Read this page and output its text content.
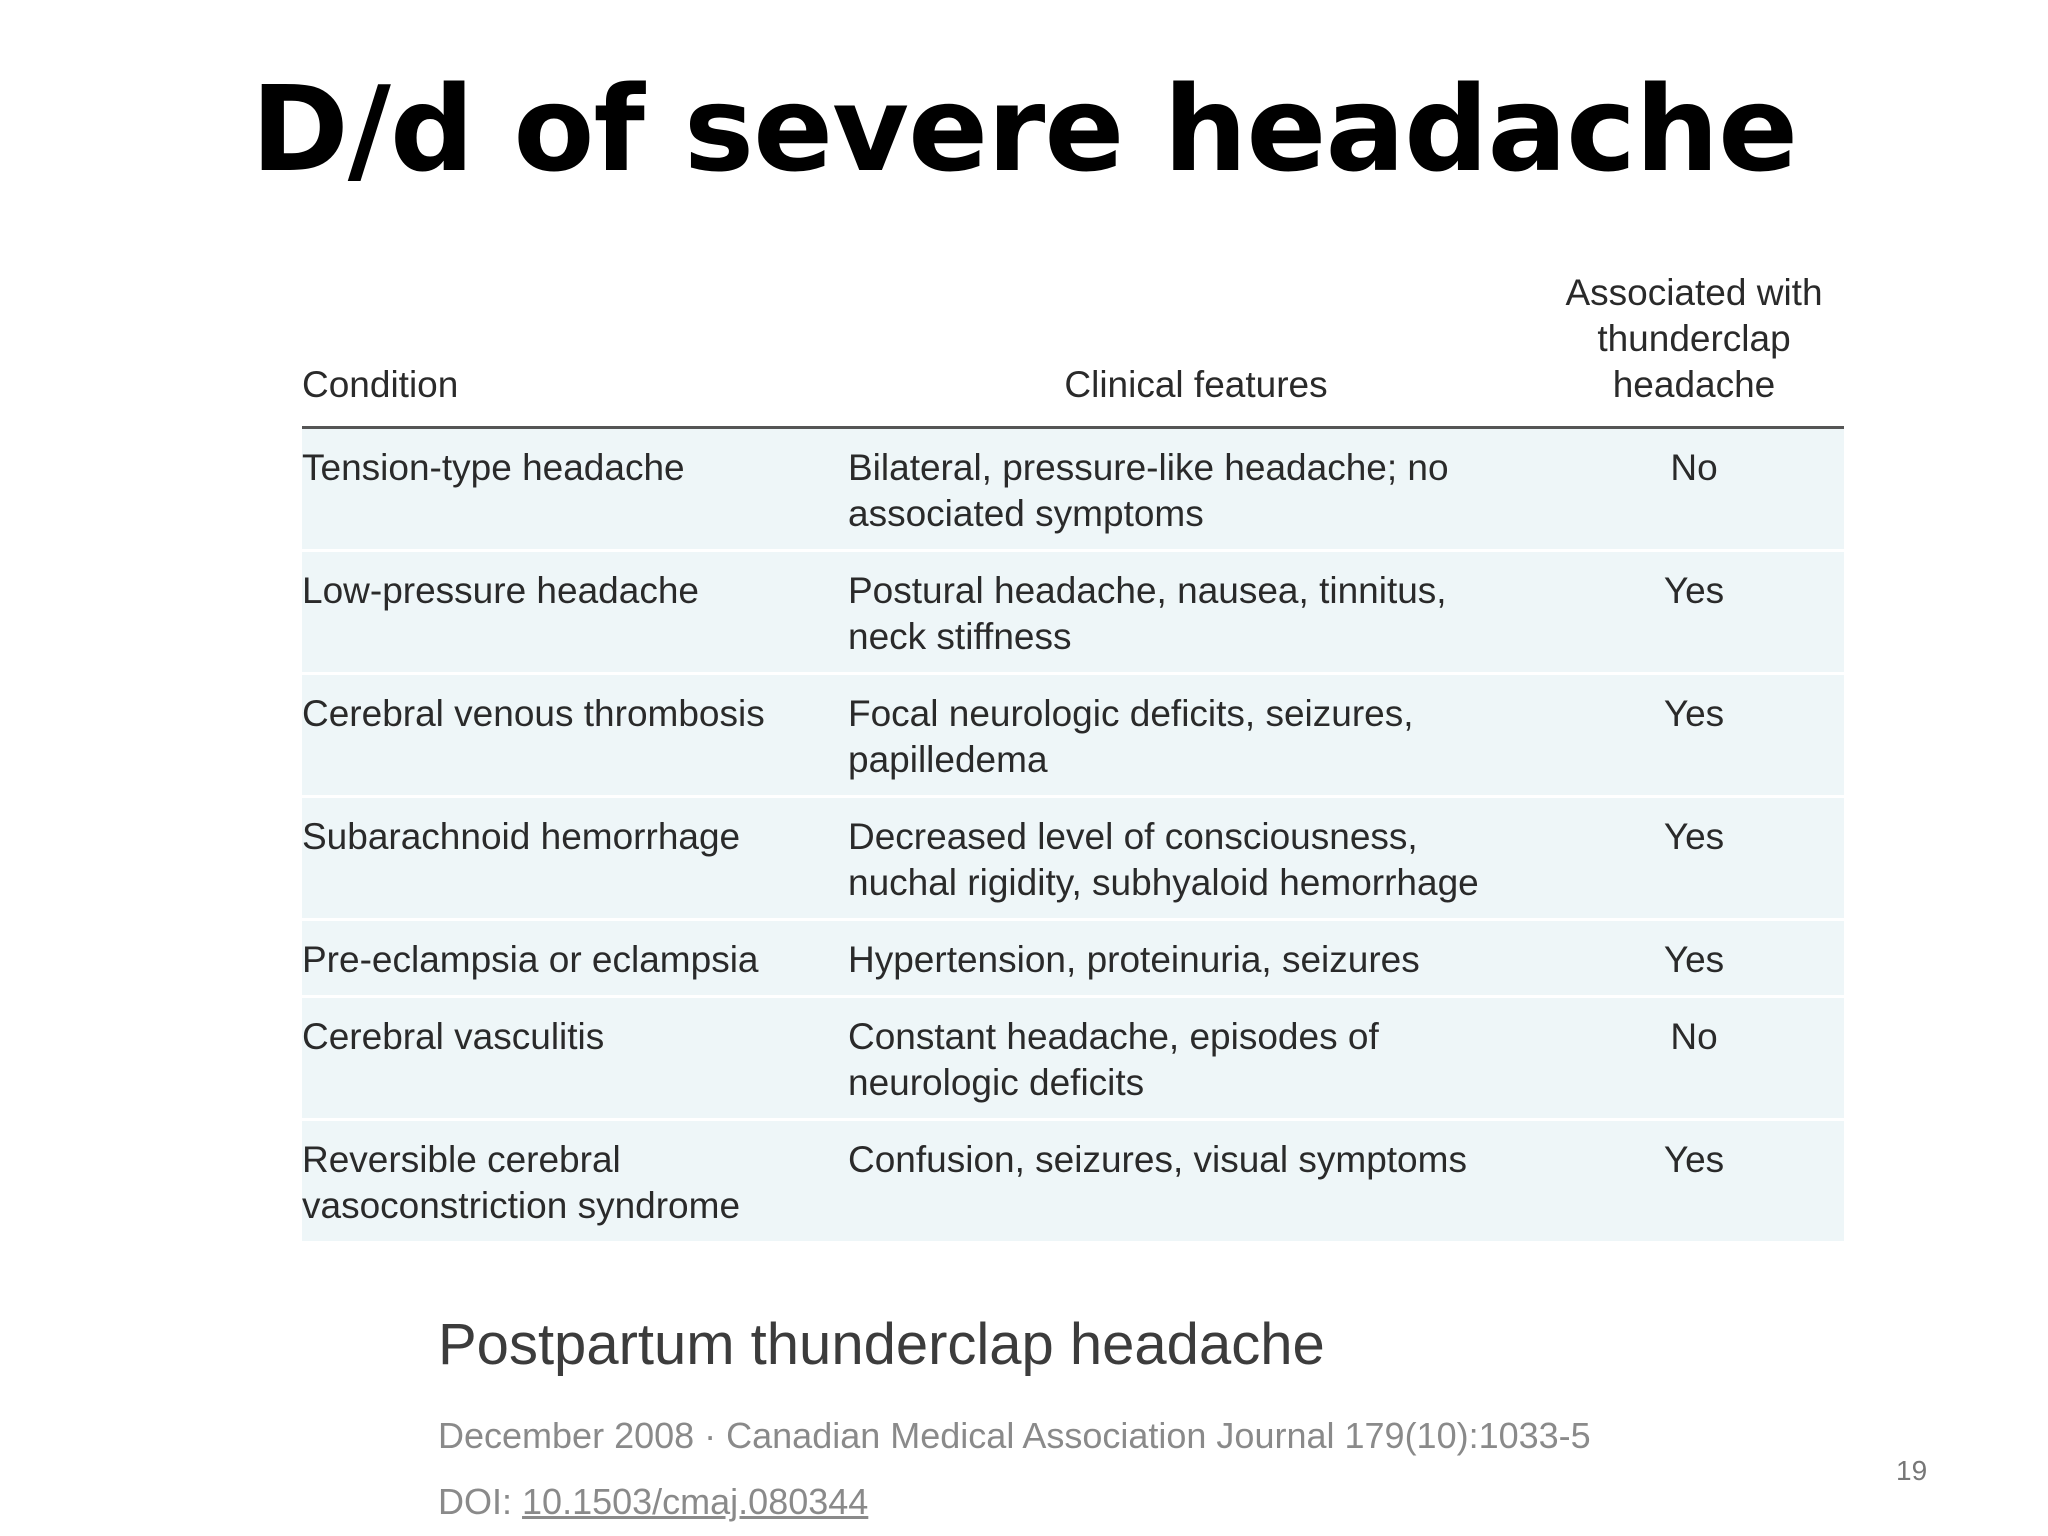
D/d of severe headache
Condition	Clinical features	Associated with thunderclap headache
Tension-type headache	Bilateral, pressure-like headache; no associated symptoms	No
Low-pressure headache	Postural headache, nausea, tinnitus, neck stiffness	Yes
Cerebral venous thrombosis	Focal neurologic deficits, seizures, papilledema	Yes
Subarachnoid hemorrhage	Decreased level of consciousness, nuchal rigidity, subhyaloid hemorrhage	Yes
Pre-eclampsia or eclampsia	Hypertension, proteinuria, seizures	Yes
Cerebral vasculitis	Constant headache, episodes of neurologic deficits	No
Reversible cerebral vasoconstriction syndrome	Confusion, seizures, visual symptoms	Yes
Postpartum thunderclap headache
December 2008 · Canadian Medical Association Journal 179(10):1033-5
DOI: 10.1503/cmaj.080344
19
